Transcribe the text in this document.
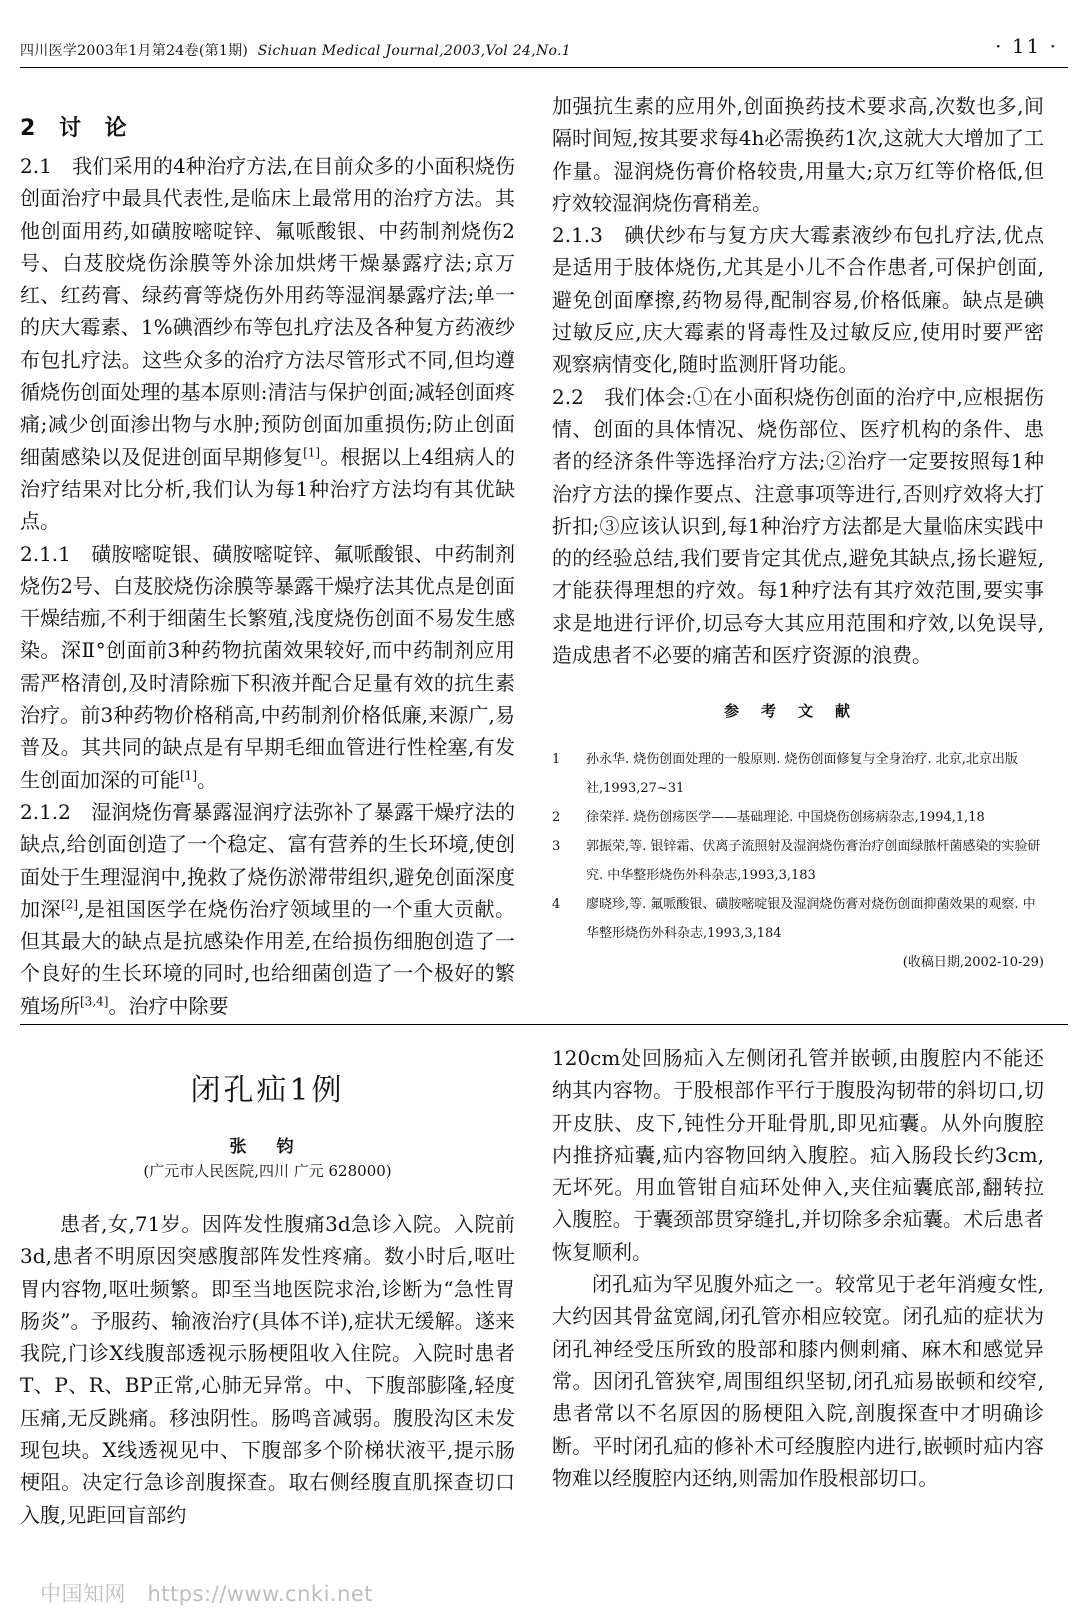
四川医学2003年1月第24卷(第1期) Sichuan Medical Journal,2003,Vol 24,No.1	· 11 ·
2 讨 论

2.1　我们采用的4种治疗方法,在目前众多的小面积烧伤创面治疗中最具代表性,是临床上最常用的治疗方法。其他创面用药,如磺胺嘧啶锌、氟哌酸银、中药制剂烧伤2号、白芨胶烧伤涂膜等外涂加烘烤干燥暴露疗法;京万红、红药膏、绿药膏等烧伤外用药等湿润暴露疗法;单一的庆大霉素、1%碘酒纱布等包扎疗法及各种复方药液纱布包扎疗法。这些众多的治疗方法尽管形式不同,但均遵循烧伤创面处理的基本原则:清洁与保护创面;减轻创面疼痛;减少创面渗出物与水肿;预防创面加重损伤;防止创面细菌感染以及促进创面早期修复[1]。根据以上4组病人的治疗结果对比分析,我们认为每1种治疗方法均有其优缺点。

2.1.1　磺胺嘧啶银、磺胺嘧啶锌、氟哌酸银、中药制剂烧伤2号、白芨胶烧伤涂膜等暴露干燥疗法其优点是创面干燥结痂,不利于细菌生长繁殖,浅度烧伤创面不易发生感染。深Ⅱ°创面前3种药物抗菌效果较好,而中药制剂应用需严格清创,及时清除痂下积液并配合足量有效的抗生素治疗。前3种药物价格稍高,中药制剂价格低廉,来源广,易普及。其共同的缺点是有早期毛细血管进行性栓塞,有发生创面加深的可能[1]。

2.1.2　湿润烧伤膏暴露湿润疗法弥补了暴露干燥疗法的缺点,给创面创造了一个稳定、富有营养的生长环境,使创面处于生理湿润中,挽救了烧伤淤滞带组织,避免创面深度加深[2],是祖国医学在烧伤治疗领域里的一个重大贡献。但其最大的缺点是抗感染作用差,在给损伤细胞创造了一个良好的生长环境的同时,也给细菌创造了一个极好的繁殖场所[3,4]。治疗中除要

加强抗生素的应用外,创面换药技术要求高,次数也多,间隔时间短,按其要求每4h必需换药1次,这就大大增加了工作量。湿润烧伤膏价格较贵,用量大;京万红等价格低,但疗效较湿润烧伤膏稍差。

2.1.3　碘伏纱布与复方庆大霉素液纱布包扎疗法,优点是适用于肢体烧伤,尤其是小儿不合作患者,可保护创面,避免创面摩擦,药物易得,配制容易,价格低廉。缺点是碘过敏反应,庆大霉素的肾毒性及过敏反应,使用时要严密观察病情变化,随时监测肝肾功能。

2.2　我们体会:①在小面积烧伤创面的治疗中,应根据伤情、创面的具体情况、烧伤部位、医疗机构的条件、患者的经济条件等选择治疗方法;②治疗一定要按照每1种治疗方法的操作要点、注意事项等进行,否则疗效将大打折扣;③应该认识到,每1种治疗方法都是大量临床实践中的的经验总结,我们要肯定其优点,避免其缺点,扬长避短,才能获得理想的疗效。每1种疗法有其疗效范围,要实事求是地进行评价,切忌夸大其应用范围和疗效,以免误导,造成患者不必要的痛苦和医疗资源的浪费。

参考文献
1 孙永华. 烧伤创面处理的一般原则. 烧伤创面修复与全身治疗. 北京,北京出版社,1993,27~31
2 徐荣祥. 烧伤创疡医学——基础理论. 中国烧伤创疡病杂志,1994,1,18
3 郭振荣,等. 银锌霜、伏离子流照射及湿润烧伤膏治疗创面绿脓杆菌感染的实验研究. 中华整形烧伤外科杂志,1993,3,183
4 廖晓珍,等. 氟哌酸银、磺胺嘧啶银及湿润烧伤膏对烧伤创面抑菌效果的观察. 中华整形烧伤外科杂志,1993,3,184
(收稿日期,2002-10-29)
闭孔疝1例
张 钧
(广元市人民医院,四川 广元 628000)

患者,女,71岁。因阵发性腹痛3d急诊入院。入院前3d,患者不明原因突感腹部阵发性疼痛。数小时后,呕吐胃内容物,呕吐频繁。即至当地医院求治,诊断为“急性胃肠炎”。予服药、输液治疗(具体不详),症状无缓解。遂来我院,门诊X线腹部透视示肠梗阻收入住院。入院时患者T、P、R、BP正常,心肺无异常。中、下腹部膨隆,轻度压痛,无反跳痛。移浊阴性。肠鸣音减弱。腹股沟区未发现包块。X线透视见中、下腹部多个阶梯状液平,提示肠梗阻。决定行急诊剖腹探查。取右侧经腹直肌探查切口入腹,见距回盲部约

120cm处回肠疝入左侧闭孔管并嵌顿,由腹腔内不能还纳其内容物。于股根部作平行于腹股沟韧带的斜切口,切开皮肤、皮下,钝性分开耻骨肌,即见疝囊。从外向腹腔内推挤疝囊,疝内容物回纳入腹腔。疝入肠段长约3cm,无坏死。用血管钳自疝环处伸入,夹住疝囊底部,翻转拉入腹腔。于囊颈部贯穿缝扎,并切除多余疝囊。术后患者恢复顺利。

闭孔疝为罕见腹外疝之一。较常见于老年消瘦女性,大约因其骨盆宽阔,闭孔管亦相应较宽。闭孔疝的症状为闭孔神经受压所致的股部和膝内侧刺痛、麻木和感觉异常。因闭孔管狭窄,周围组织坚韧,闭孔疝易嵌顿和绞窄,患者常以不名原因的肠梗阻入院,剖腹探查中才明确诊断。平时闭孔疝的修补术可经腹腔内进行,嵌顿时疝内容物难以经腹腔内还纳,则需加作股根部切口。

中国知网　https://www.cnki.net
